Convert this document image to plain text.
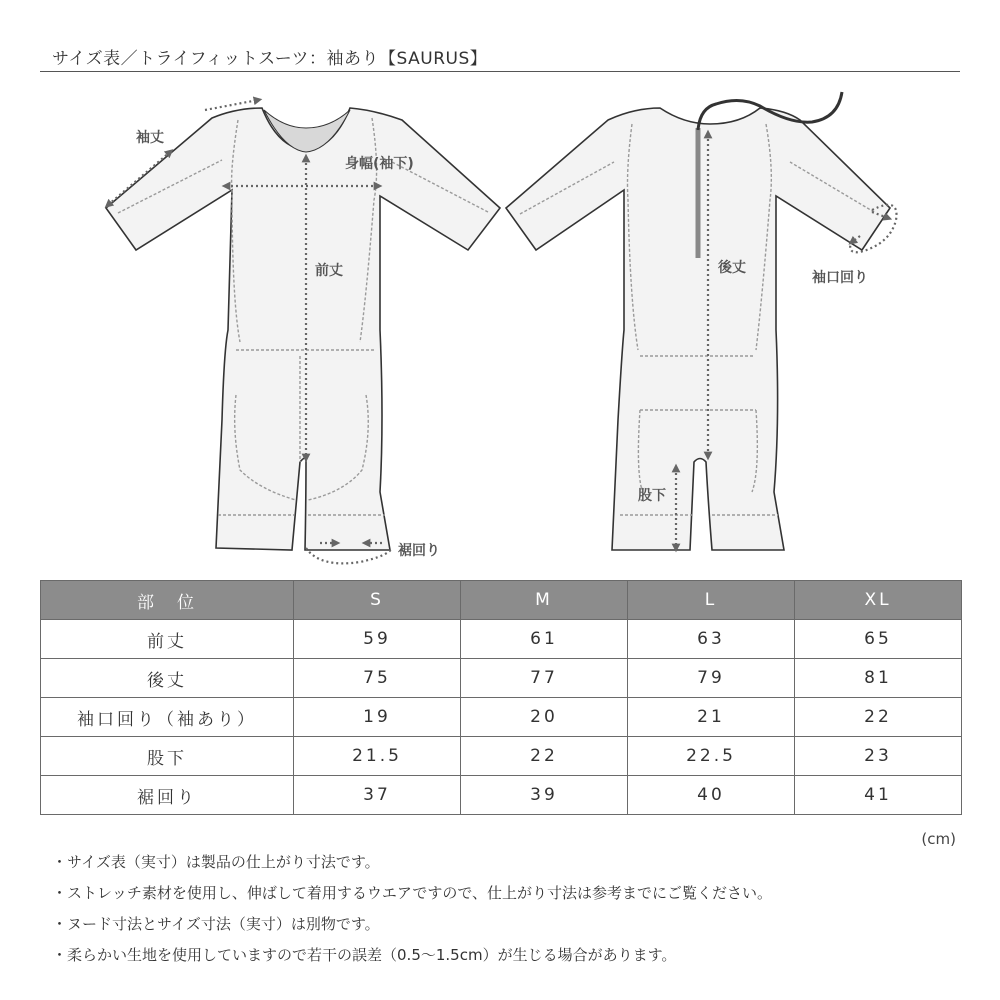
サイズ表／トライフィットスーツ：袖あり【SAURUS】
袖丈
身幅(袖下)
前丈
裾回り
後丈
袖口回り
股下
部　位	S	M	L	XL
前丈	59	61	63	65
後丈	75	77	79	81
袖口回り（袖あり）	19	20	21	22
股下	21.5	22	22.5	23
裾回り	37	39	40	41
(cm)
・ サイズ表（実寸）は製品の仕上がり寸法です。
・ ストレッチ素材を使用し、伸ばして着用するウエアですので、仕上がり寸法は参考までにご覧ください。
・ ヌード寸法とサイズ寸法（実寸）は別物です。
・ 柔らかい生地を使用していますので若干の誤差（0.5～1.5cm）が生じる場合があります。
